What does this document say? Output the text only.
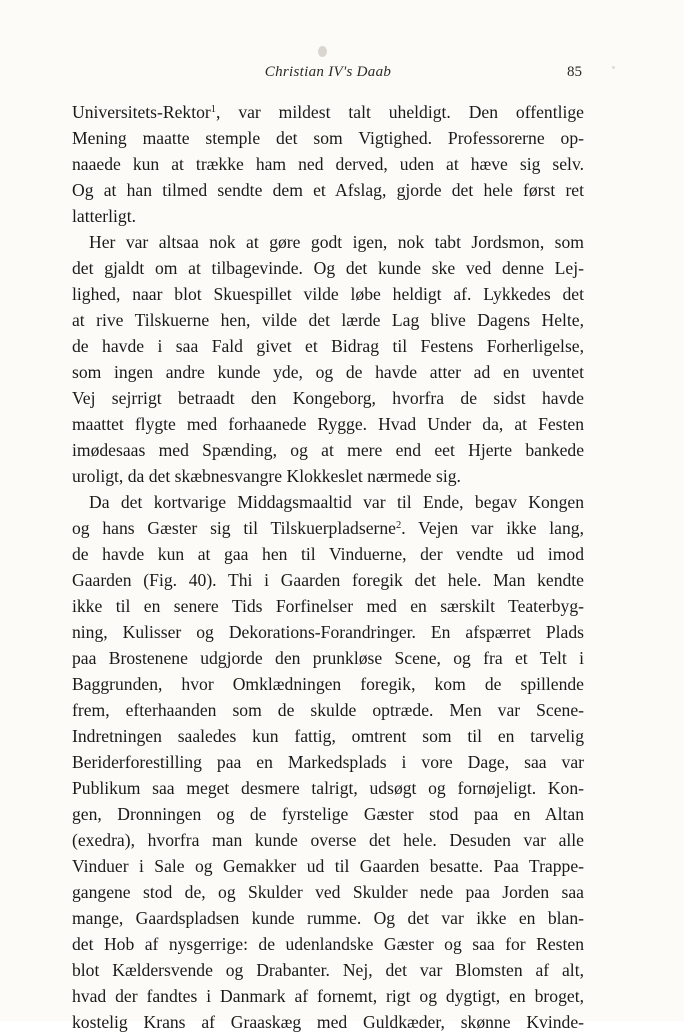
Christian IV's Daab	85
Universitets-Rektor$^1$, var mildest talt uheldigt. Den offentlige
Mening maatte stemple det som Vigtighed. Professorerne op-
naaede kun at trække ham ned derved, uden at hæve sig selv.
Og at han tilmed sendte dem et Afslag, gjorde det hele først ret
latterligt.
Her var altsaa nok at gøre godt igen, nok tabt Jordsmon, som
det gjaldt om at tilbagevinde. Og det kunde ske ved denne Lej-
lighed, naar blot Skuespillet vilde løbe heldigt af. Lykkedes det
at rive Tilskuerne hen, vilde det lærde Lag blive Dagens Helte,
de havde i saa Fald givet et Bidrag til Festens Forherligelse,
som ingen andre kunde yde, og de havde atter ad en uventet
Vej sejrrigt betraadt den Kongeborg, hvorfra de sidst havde
maattet flygte med forhaanede Rygge. Hvad Under da, at Festen
imødesaas med Spænding, og at mere end eet Hjerte bankede
uroligt, da det skæbnesvangre Klokkeslet nærmede sig.
Da det kortvarige Middagsmaaltid var til Ende, begav Kongen
og hans Gæster sig til Tilskuerpladserne$^2$. Vejen var ikke lang,
de havde kun at gaa hen til Vinduerne, der vendte ud imod
Gaarden (Fig. 40). Thi i Gaarden foregik det hele. Man kendte
ikke til en senere Tids Forfinelser med en særskilt Teaterbyg-
ning, Kulisser og Dekorations-Forandringer. En afspærret Plads
paa Brostenene udgjorde den prunkløse Scene, og fra et Telt i
Baggrunden, hvor Omklædningen foregik, kom de spillende
frem, efterhaanden som de skulde optræde. Men var Scene-
Indretningen saaledes kun fattig, omtrent som til en tarvelig
Beriderforestilling paa en Markedsplads i vore Dage, saa var
Publikum saa meget desmere talrigt, udsøgt og fornøjeligt. Kon-
gen, Dronningen og de fyrstelige Gæster stod paa en Altan
(exedra), hvorfra man kunde overse det hele. Desuden var alle
Vinduer i Sale og Gemakker ud til Gaarden besatte. Paa Trappe-
gangene stod de, og Skulder ved Skulder nede paa Jorden saa
mange, Gaardspladsen kunde rumme. Og det var ikke en blan-
det Hob af nysgerrige: de udenlandske Gæster og saa for Resten
blot Kældersvende og Drabanter. Nej, det var Blomsten af alt,
hvad der fandtes i Danmark af fornemt, rigt og dygtigt, en broget,
kostelig Krans af Graaskæg med Guldkæder, skønne Kvinde-
